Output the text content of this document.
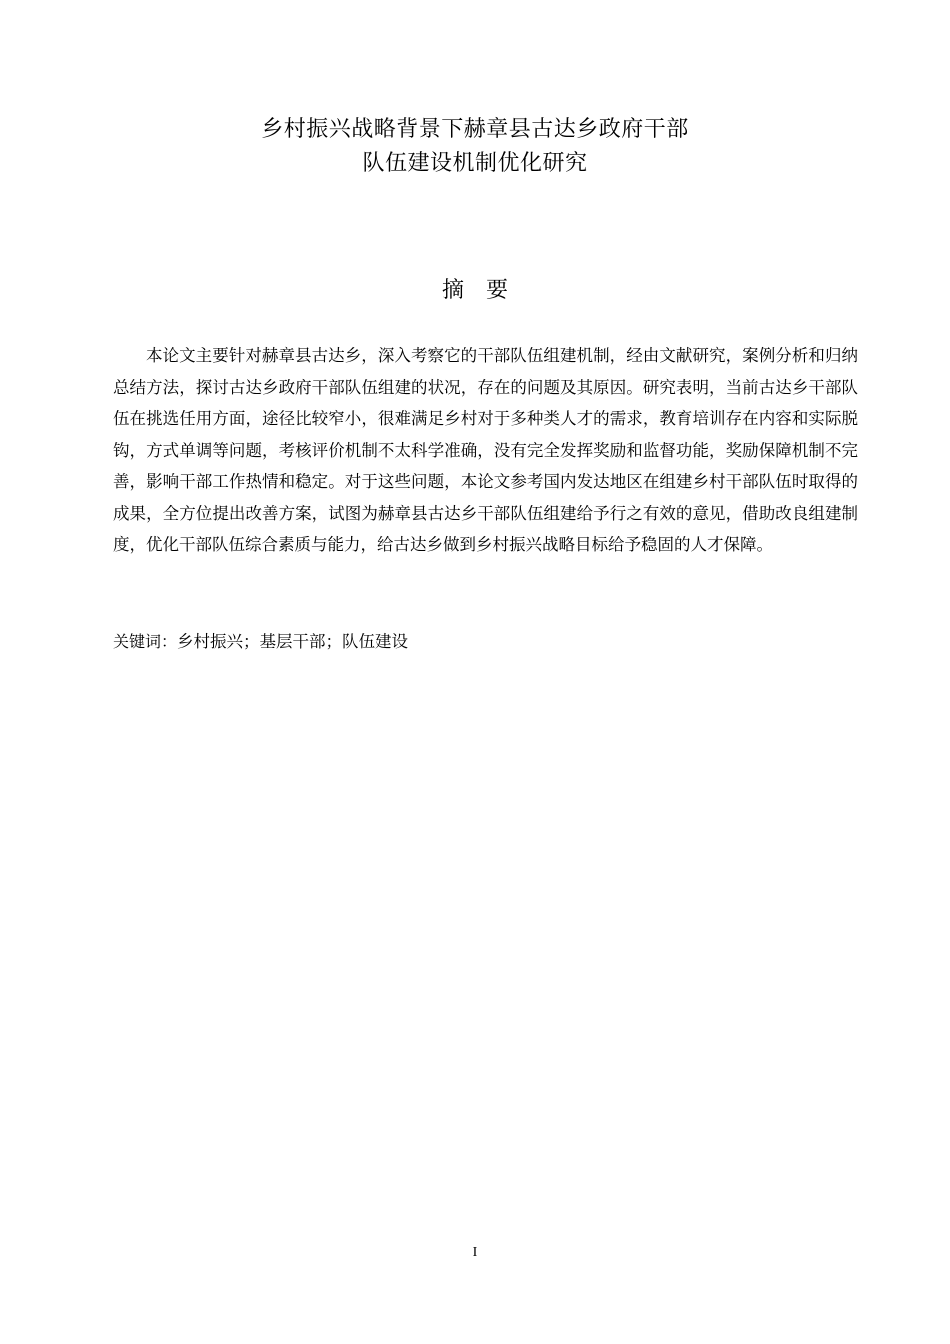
乡村振兴战略背景下赫章县古达乡政府干部
队伍建设机制优化研究
摘　要

本论文主要针对赫章县古达乡，深入考察它的干部队伍组建机制，经由文献研究，案例分析和归纳总结方法，探讨古达乡政府干部队伍组建的状况，存在的问题及其原因。研究表明，当前古达乡干部队伍在挑选任用方面，途径比较窄小，很难满足乡村对于多种类人才的需求，教育培训存在内容和实际脱钩，方式单调等问题，考核评价机制不太科学准确，没有完全发挥奖励和监督功能，奖励保障机制不完善，影响干部工作热情和稳定。对于这些问题，本论文参考国内发达地区在组建乡村干部队伍时取得的成果，全方位提出改善方案，试图为赫章县古达乡干部队伍组建给予行之有效的意见，借助改良组建制度，优化干部队伍综合素质与能力，给古达乡做到乡村振兴战略目标给予稳固的人才保障。

关键词：乡村振兴；基层干部；队伍建设
I
